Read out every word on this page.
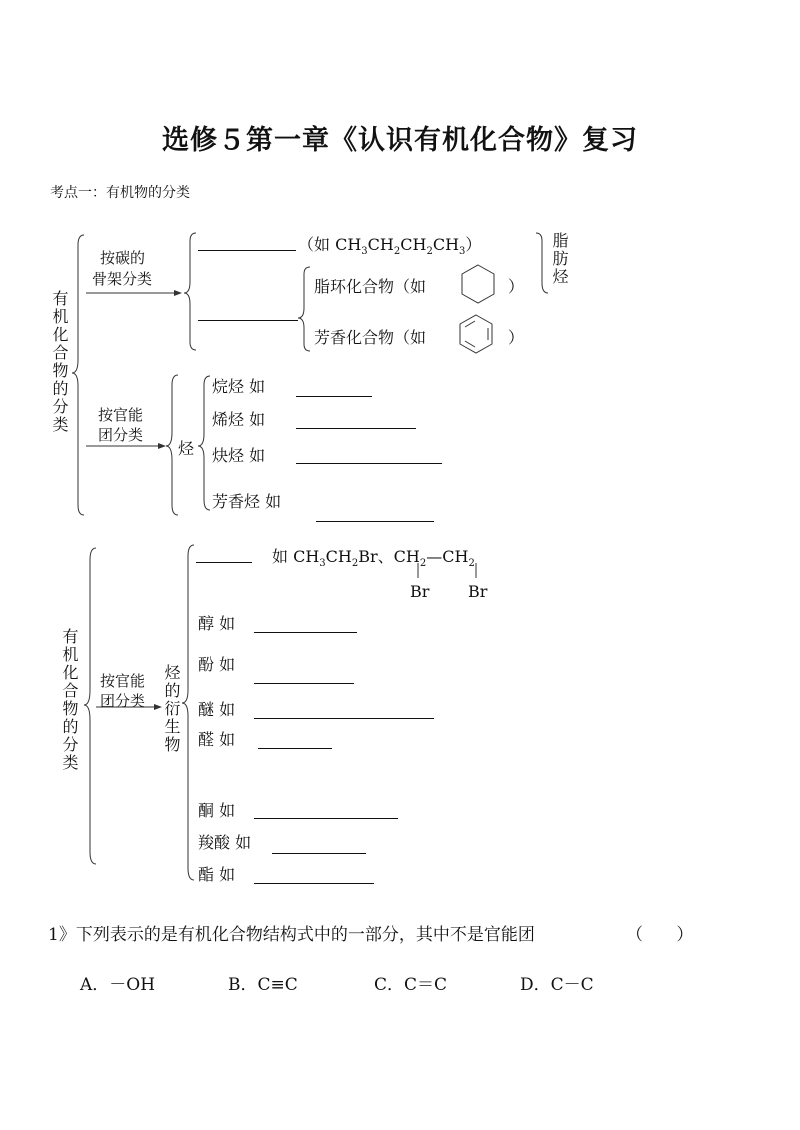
选修５第一章《认识有机化合物》复习
考点一：有机物的分类
有机化合物的分类
按碳的
骨架分类
（如 $CH_3CH_2CH_2CH_3$）
脂环化合物（如	）
芳香化合物（如	）
脂肪烃
按官能
团分类
烃
烷烃 如
烯烃 如
炔烃 如
芳香烃 如
有机化合物的分类 按官能
团分类 烃的衍生物
如 $CH_3CH_2Br$、$CH_2—CH_2$
Br Br
醇 如
酚 如
醚 如
醛 如
酮 如
羧酸 如
酯 如
1》下列表示的是有机化合物结构式中的一部分，其中不是官能团	（ ）
A．－OH	B．C≡C	C．C＝C	D．C－C
